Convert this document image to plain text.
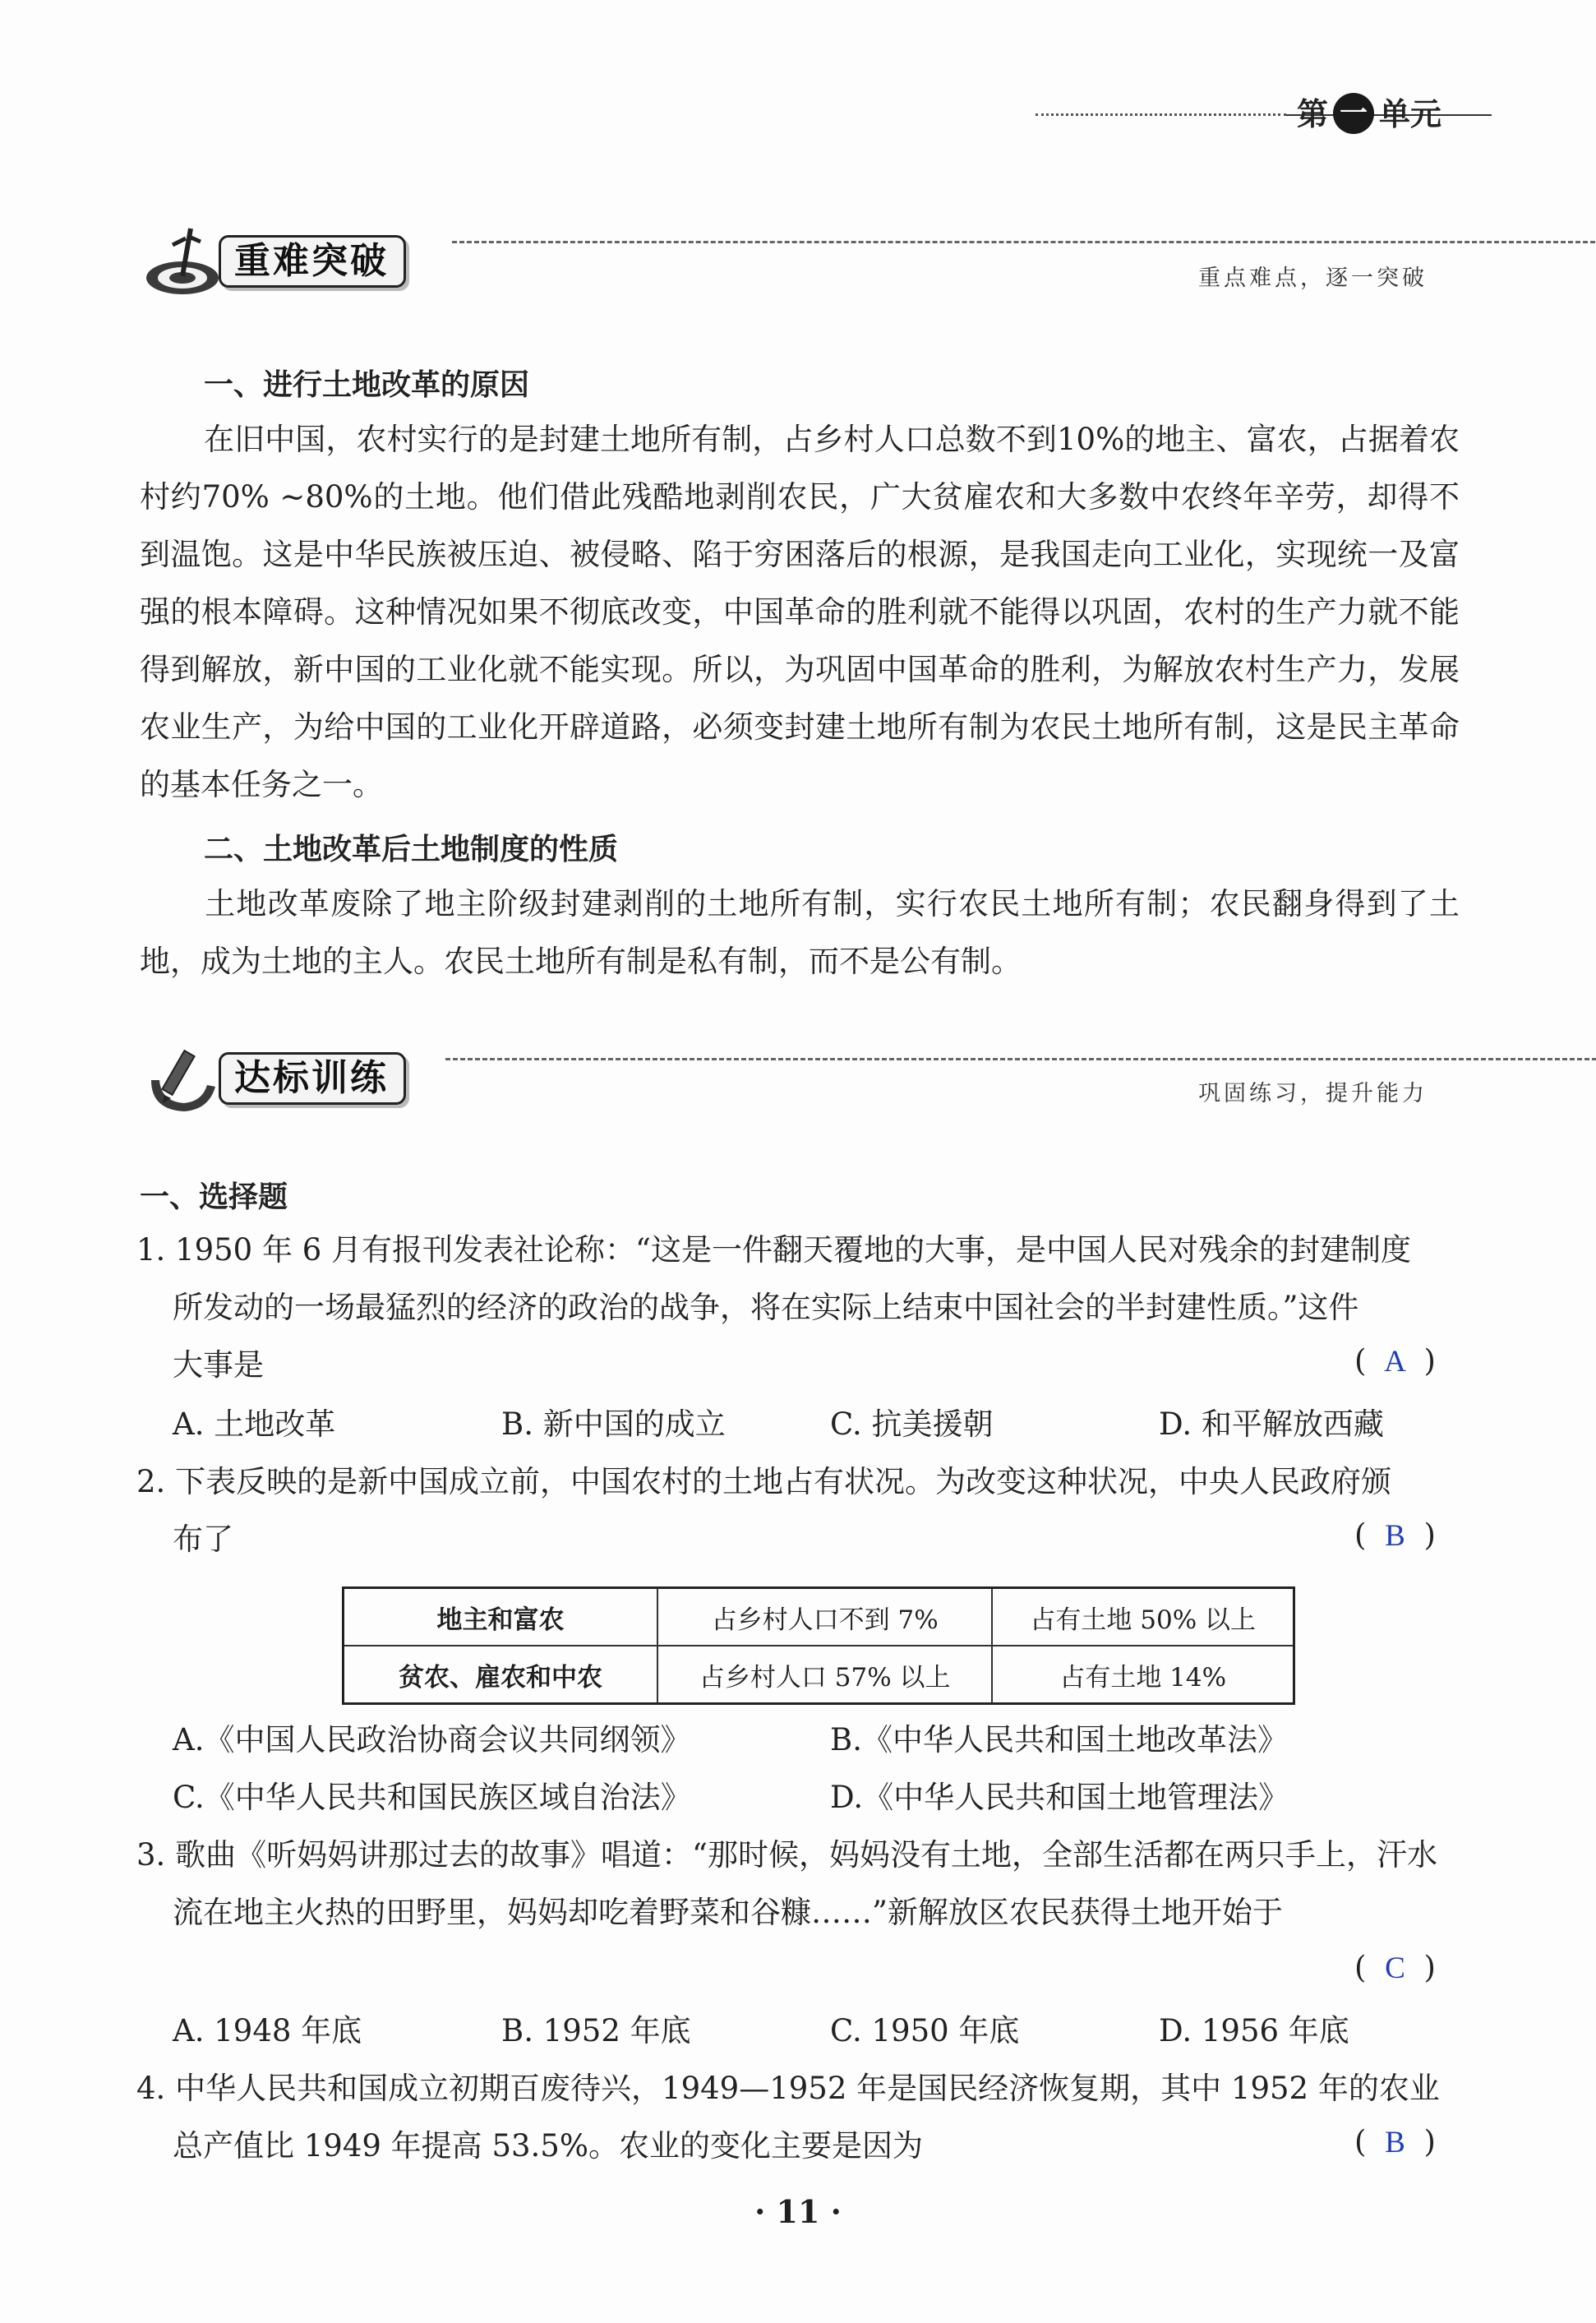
第 一 单元
重难突破	重点难点，逐一突破
一、进行土地改革的原因
在旧中国，农村实行的是封建土地所有制，占乡村人口总数不到10%的地主、富农，占据着农村约70% ~80%的土地。他们借此残酷地剥削农民，广大贫雇农和大多数中农终年辛劳，却得不到温饱。这是中华民族被压迫、被侵略、陷于穷困落后的根源，是我国走向工业化，实现统一及富强的根本障碍。这种情况如果不彻底改变，中国革命的胜利就不能得以巩固，农村的生产力就不能得到解放，新中国的工业化就不能实现。所以，为巩固中国革命的胜利，为解放农村生产力，发展农业生产，为给中国的工业化开辟道路，必须变封建土地所有制为农民土地所有制，这是民主革命的基本任务之一。
二、土地改革后土地制度的性质
土地改革废除了地主阶级封建剥削的土地所有制，实行农民土地所有制；农民翻身得到了土地，成为土地的主人。农民土地所有制是私有制，而不是公有制。
达标训练	巩固练习，提升能力
一、选择题
1. 1950 年 6 月有报刊发表社论称：“这是一件翻天覆地的大事，是中国人民对残余的封建制度
所发动的一场最猛烈的经济的政治的战争，将在实际上结束中国社会的半封建性质。”这件
大事是	( A )
A. 土地改革	B. 新中国的成立	C. 抗美援朝	D. 和平解放西藏
2. 下表反映的是新中国成立前，中国农村的土地占有状况。为改变这种状况，中央人民政府颁
布了	( B )
地主和富农	占乡村人口不到 7%	占有土地 50% 以上
贫农、雇农和中农	占乡村人口 57% 以上	占有土地 14%
A.《中国人民政治协商会议共同纲领》	B.《中华人民共和国土地改革法》
C.《中华人民共和国民族区域自治法》	D.《中华人民共和国土地管理法》
3. 歌曲《听妈妈讲那过去的故事》唱道：“那时候，妈妈没有土地，全部生活都在两只手上，汗水
流在地主火热的田野里，妈妈却吃着野菜和谷糠……”新解放区农民获得土地开始于
( C )
A. 1948 年底	B. 1952 年底	C. 1950 年底	D. 1956 年底
4. 中华人民共和国成立初期百废待兴，1949—1952 年是国民经济恢复期，其中 1952 年的农业
总产值比 1949 年提高 53.5%。农业的变化主要是因为	( B )
· 11 ·
